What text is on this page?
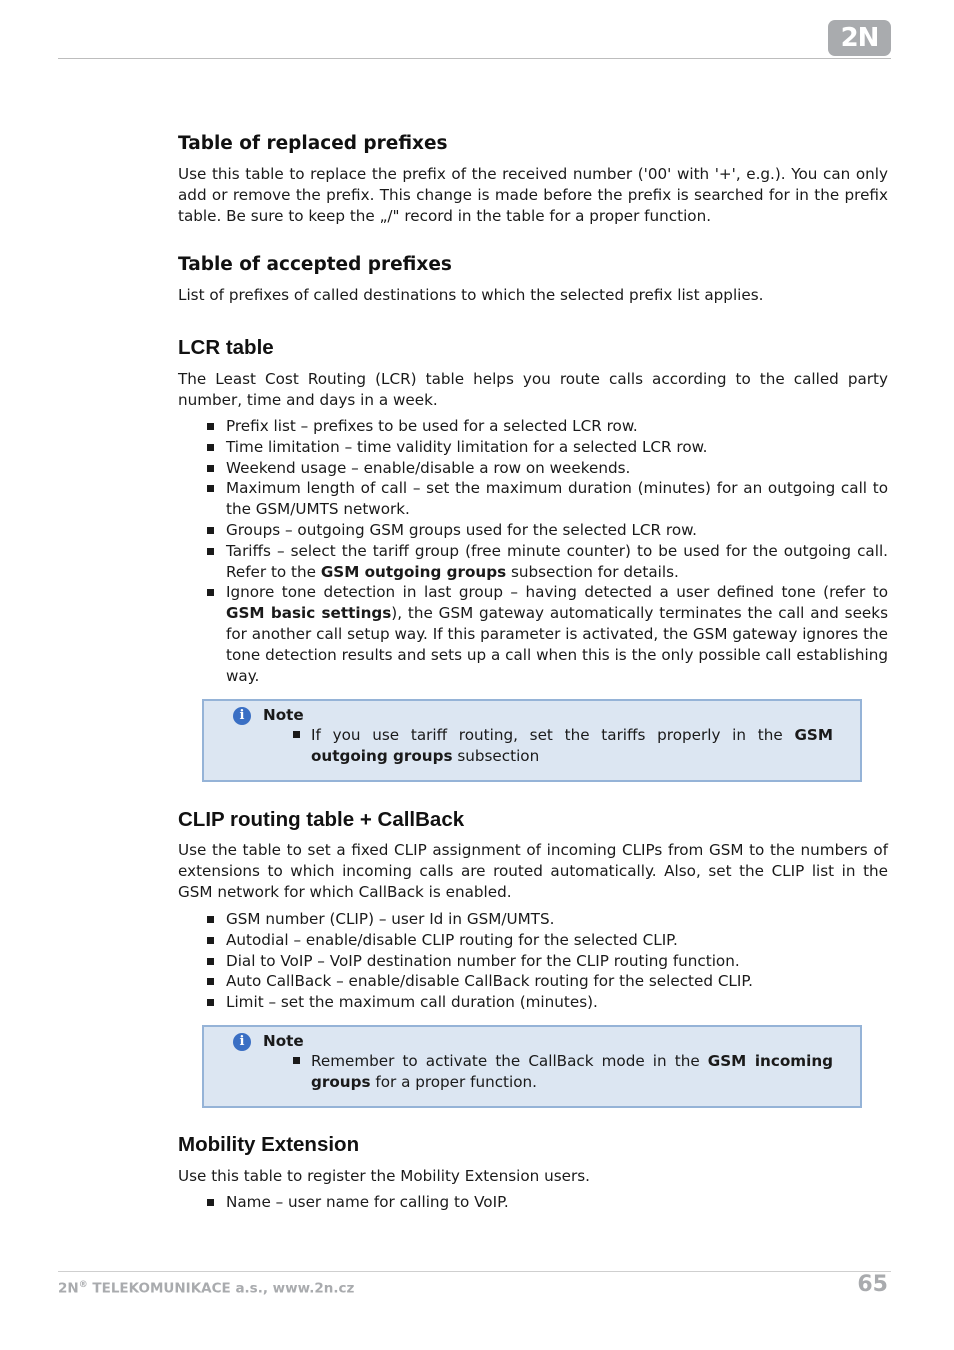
2N
Table of replaced prefixes

Use this table to replace the prefix of the received number ('00' with '+', e.g.). You can only add or remove the prefix. This change is made before the prefix is searched for in the prefix table. Be sure to keep the „/" record in the table for a proper function.

Table of accepted prefixes

List of prefixes of called destinations to which the selected prefix list applies.

LCR table

The Least Cost Routing (LCR) table helps you route calls according to the called party number, time and days in a week.

Prefix list – prefixes to be used for a selected LCR row.
Time limitation – time validity limitation for a selected LCR row.
Weekend usage – enable/disable a row on weekends.
Maximum length of call – set the maximum duration (minutes) for an outgoing call to the GSM/UMTS network.
Groups – outgoing GSM groups used for the selected LCR row.
Tariffs – select the tariff group (free minute counter) to be used for the outgoing call. Refer to the GSM outgoing groups subsection for details.
Ignore tone detection in last group – having detected a user defined tone (refer to GSM basic settings), the GSM gateway automatically terminates the call and seeks for another call setup way. If this parameter is activated, the GSM gateway ignores the tone detection results and sets up a call when this is the only possible call establishing way.
CLIP routing table + CallBack

Use the table to set a fixed CLIP assignment of incoming CLIPs from GSM to the numbers of extensions to which incoming calls are routed automatically. Also, set the CLIP list in the GSM network for which CallBack is enabled.

GSM number (CLIP) – user Id in GSM/UMTS.
Autodial – enable/disable CLIP routing for the selected CLIP.
Dial to VoIP – VoIP destination number for the CLIP routing function.
Auto CallBack – enable/disable CallBack routing for the selected CLIP.
Limit – set the maximum call duration (minutes).
Mobility Extension

Use this table to register the Mobility Extension users.

Name – user name for calling to VoIP.
i	Note
If you use tariff routing, set the tariffs properly in the GSM outgoing groups subsection
i	Note
Remember to activate the CallBack mode in the GSM incoming groups for a proper function.
2N® TELEKOMUNIKACE a.s., www.2n.cz	65
